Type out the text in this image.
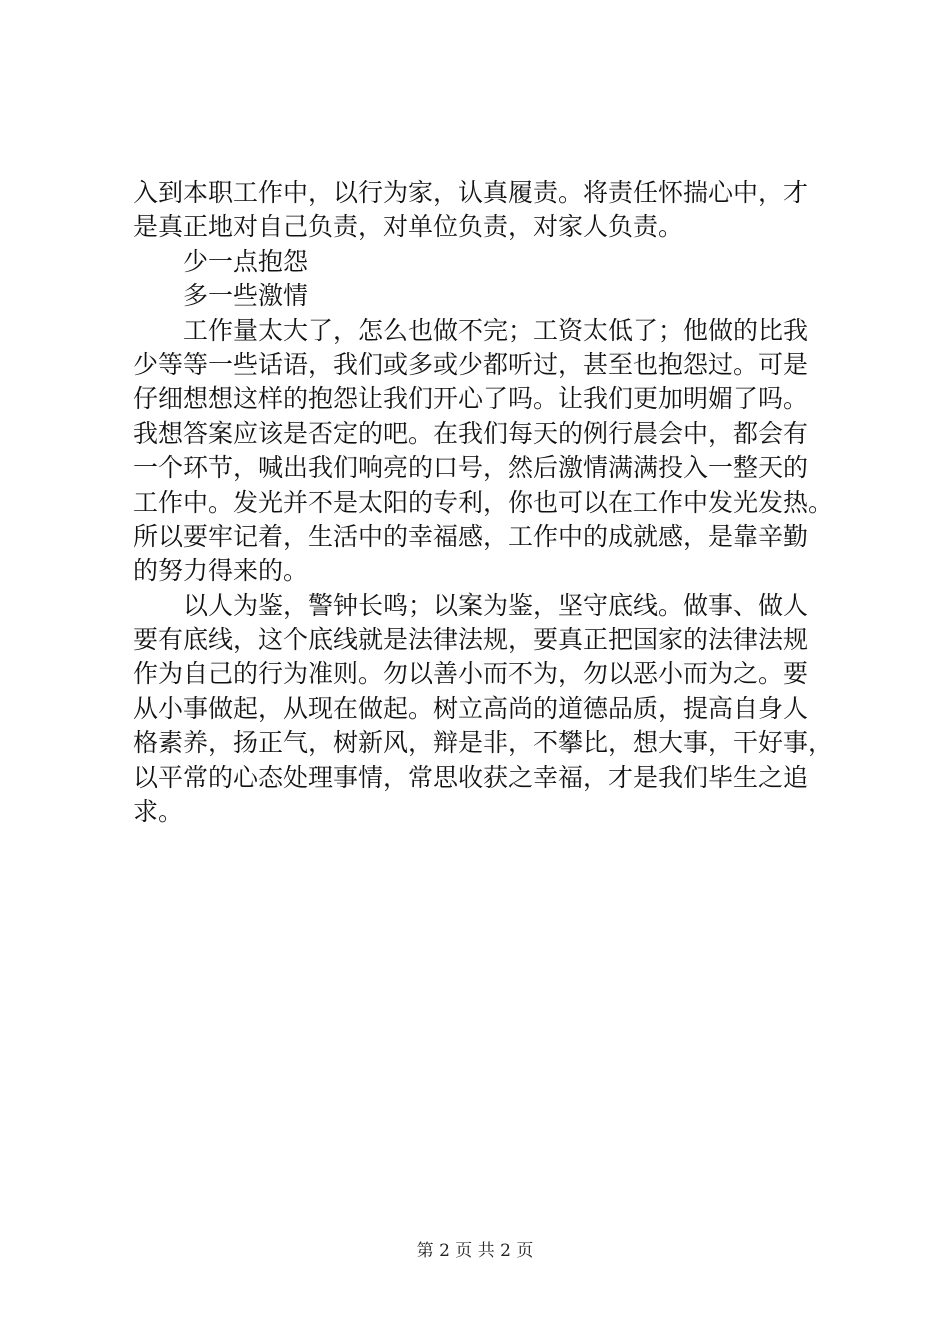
入到本职工作中，以行为家，认真履责。将责任怀揣心中，才
是真正地对自己负责，对单位负责，对家人负责。
　　少一点抱怨
　　多一些激情
　　工作量太大了，怎么也做不完；工资太低了；他做的比我
少等等一些话语，我们或多或少都听过，甚至也抱怨过。可是
仔细想想这样的抱怨让我们开心了吗。让我们更加明媚了吗。
我想答案应该是否定的吧。在我们每天的例行晨会中，都会有
一个环节，喊出我们响亮的口号，然后激情满满投入一整天的
工作中。发光并不是太阳的专利，你也可以在工作中发光发热。
所以要牢记着，生活中的幸福感，工作中的成就感，是靠辛勤
的努力得来的。
　　以人为鉴，警钟长鸣；以案为鉴，坚守底线。做事、做人
要有底线，这个底线就是法律法规，要真正把国家的法律法规
作为自己的行为准则。勿以善小而不为，勿以恶小而为之。要
从小事做起，从现在做起。树立高尚的道德品质，提高自身人
格素养，扬正气，树新风，辩是非，不攀比，想大事，干好事，
以平常的心态处理事情，常思收获之幸福，才是我们毕生之追
求。
第 2 页 共 2 页
